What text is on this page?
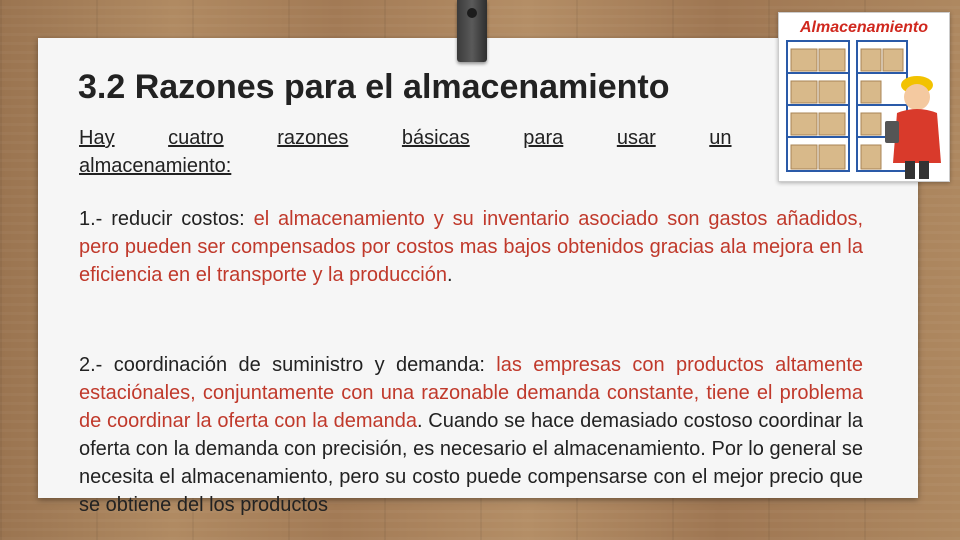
3.2 Razones para el almacenamiento
Hay	cuatro	razones	básicas	para	usar	un
almacenamiento:

1.- reducir costos: el almacenamiento y su inventario asociado son gastos añadidos, pero pueden ser compensados por costos mas bajos obtenidos gracias ala mejora en la eficiencia en el transporte y la producción.

2.- coordinación de suministro y demanda: las empresas con productos altamente estaciónales, conjuntamente con una razonable demanda constante, tiene el problema de coordinar la oferta con la demanda. Cuando se hace demasiado costoso coordinar la oferta con la demanda con precisión, es necesario el almacenamiento. Por lo general se necesita el almacenamiento, pero su costo puede compensarse con el mejor precio que se obtiene del los productos

Almacenamiento
